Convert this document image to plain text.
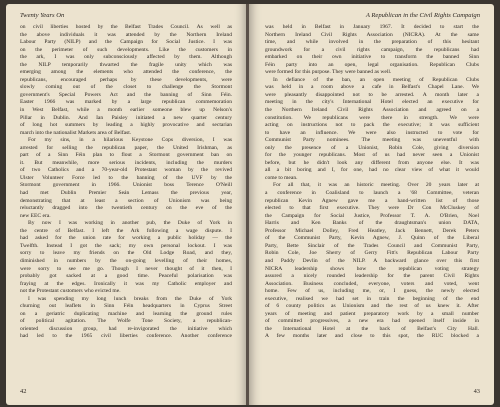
Twenty Years On
on civil liberties hosted by the Belfast Trades Council. As well as
the above individuals it was attended by the Northern Ireland
Labour Party (NILP) and the Campaign for Social Justice. I was
on the perimeter of such developments. Like the customers in
the ark, I was only subconsciously affected by them. Although
the NILP temporarily thwarted the fragile unity which was
emerging among the elements who attended the conference, the
republicans, encouraged perhaps by these developments, were
slowly coming out of the closet to challenge the Stormont
government's Special Powers Act and the banning of Sinn Féin.
Easter 1966 was marked by a large republican commemoration
in West Belfast, while a month earlier someone blew up Nelson's
Pillar in Dublin. And Ian Paisley initiated a new quarter century
of long hot summers by leading a highly provocative and sectarian
march into the nationalist Markets area of Belfast.
For my sins, in a hilarious Keystone Cops diversion, I was
arrested for selling the republican paper, the United Irishman, as
part of a Sinn Féin plan to flout a Stormont government ban on
it. But meanwhile, more serious incidents, including the murders
of two Catholics and a 70-year-old Protestant woman by the revived
Ulster Volunteer Force led to the banning of the UVF by the
Stormont government in 1966. Unionist boss Terence O'Neill
had met Dublin Premier Seán Lemass the previous year,
demonstrating that at least a section of Unionism was being
reluctantly dragged into the twentieth century on the eve of the
new EEC era.
By now I was working in another pub, the Duke of York in
the centre of Belfast. I left the Ark following a wage dispute. I
had asked for the union rate for working a public holiday — the
Twelfth. Instead I got the sack; my own personal lockout. I was
sorry to leave my friends on the Old Lodge Road, and they,
diminished in numbers by the on-going levelling of their homes,
were sorry to see me go. Though I never thought of it then, I
probably got sacked at a good time. Peaceful polarisation was
fraying at the edges. Ironically it was my Catholic employer and
not the Protestant customers who evicted me.
I was spending my long lunch breaks from the Duke of York
churning out leaflets in Sinn Féin headquarters in Cyprus Street
on a geriatric duplicating machine and learning the ground rules
of political agitation. The Wolfe Tone Society, a republican-
oriented discussion group, had re-invigorated the initiative which
had led to the 1965 civil liberties conference. Another conference
42
A Republican in the Civil Rights Campaign
was held in Belfast in January 1967. It decided to start the
Northern Ireland Civil Rights Association (NICRA). At the same
time, and while involved in the preparation of this hesitant
groundwork for a civil rights campaign, the republicans had
embarked on their own initiative to transform the banned Sinn
Féin party into an open, legal organisation. Republican Clubs
were formed for this purpose. They were banned as well.
In defiance of the ban, an open meeting of Republican Clubs
was held in a room above a cafe in Belfast's Chapel Lane. We
were pleasantly disappointed not to be arrested. A month later a
meeting in the city's International Hotel elected an executive for
the Northern Ireland Civil Rights Association and agreed on a
constitution. We republicans were there in strength. We were
acting on instructions not to pack the executive; it was sufficient
to have an influence. We were also instructed to vote for
Communist Party nominees. The meeting was uneventful with
only the presence of a Unionist, Robin Cole, giving diversion
for the younger republicans. Most of us had never seen a Unionist
before, but he didn't look any different from anyone else. It was
all a bit boring and I, for one, had no clear view of what it would
come to mean.
For all that, it was an historic meeting. Over 20 years later at
a conference in Coalisland to launch a '68 Committee, veteran
republican Kevin Agnew gave me a hand-written list of those
elected to that first executive. They were Dr Con McCluskey of
the Campaign for Social Justice, Professor T. A. O'Brien, Noel
Harris and Ken Banks of the draughtsman's union DATA,
Professor Michael Dolley, Fred Heatley, Jack Bennett, Derek Peters
of the Communist Party, Kevin Agnew, J. Quinn of the Liberal
Party, Bette Sinclair of the Trades Council and Communist Party,
Robin Cole, Joe Sherry of Gerry Fitt's Republican Labour Party
and Paddy Devlin of the NILP. A backward glance over this first
NICRA leadership shows how the republican voting strategy
assured a nicely rounded leadership for the parent Civil Rights
Association. Business concluded, everyone, voters and voted, went
home. Few of us, including me, or, I guess, the newly elected
executive, realised we had set in train the beginning of the end
of 6 county politics as Unionism and the rest of us knew it. After
years of meeting and patient preparatory work by a small number
of committed progressives, a new era had opened itself inside in
the International Hotel at the back of Belfast's City Hall.
A few months later and close to this spot, the RUC blocked a
43
